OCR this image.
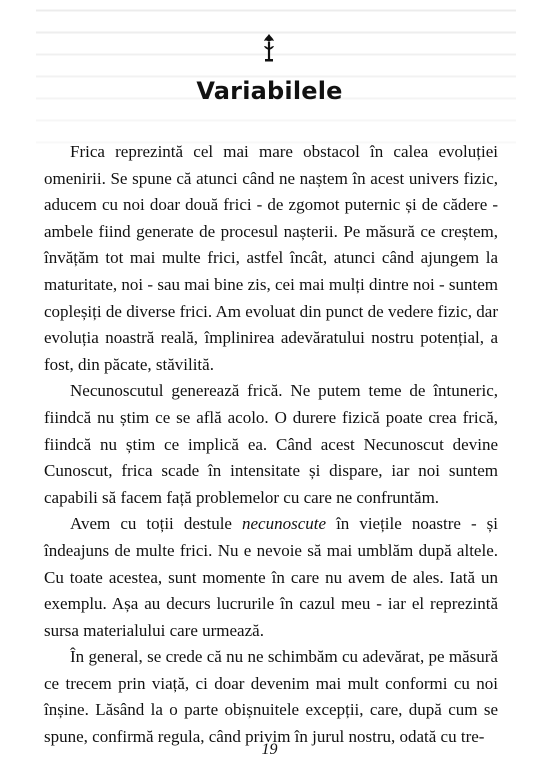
Variabilele

Frica reprezintă cel mai mare obstacol în calea evoluției omenirii. Se spune că atunci când ne naștem în acest univers fizic, aducem cu noi doar două frici - de zgomot puternic și de cădere - ambele fiind generate de procesul nașterii. Pe măsură ce creștem, învățăm tot mai multe frici, astfel încât, atunci când ajungem la maturitate, noi - sau mai bine zis, cei mai mulți dintre noi - suntem copleșiți de diverse frici. Am evoluat din punct de vedere fizic, dar evoluția noastră reală, împlinirea adevăratului nostru potențial, a fost, din păcate, stăvilită.

Necunoscutul generează frică. Ne putem teme de întuneric, fiindcă nu știm ce se află acolo. O durere fizică poate crea frică, fiindcă nu știm ce implică ea. Când acest Necunoscut devine Cunoscut, frica scade în intensitate și dispare, iar noi suntem capabili să facem față problemelor cu care ne confruntăm.

Avem cu toții destule necunoscute în viețile noastre - și îndeajuns de multe frici. Nu e nevoie să mai umblăm după altele. Cu toate acestea, sunt momente în care nu avem de ales. Iată un exemplu. Așa au decurs lucrurile în cazul meu - iar el reprezintă sursa materialului care urmează.

În general, se crede că nu ne schimbăm cu adevărat, pe măsură ce trecem prin viață, ci doar devenim mai mult conformi cu noi înșine. Lăsând la o parte obișnuitele excepții, care, după cum se spune, confirmă regula, când privim în jurul nostru, odată cu tre-

19
